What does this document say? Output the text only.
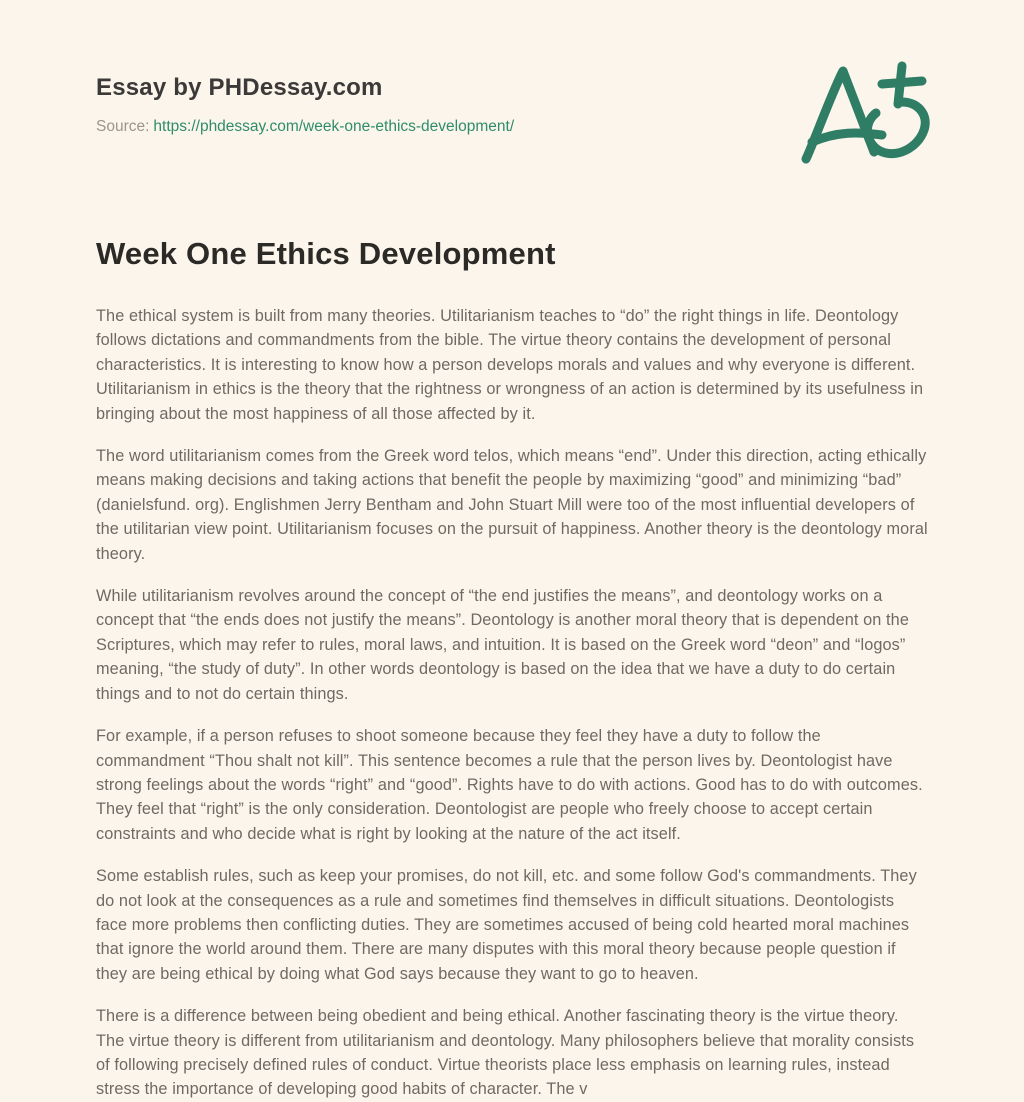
Essay by PHDessay.com
Source: https://phdessay.com/week-one-ethics-development/
Week One Ethics Development

The ethical system is built from many theories. Utilitarianism teaches to “do” the right things in life. Deontology follows dictations and commandments from the bible. The virtue theory contains the development of personal characteristics. It is interesting to know how a person develops morals and values and why everyone is different. Utilitarianism in ethics is the theory that the rightness or wrongness of an action is determined by its usefulness in bringing about the most happiness of all those affected by it.

The word utilitarianism comes from the Greek word telos, which means “end”. Under this direction, acting ethically means making decisions and taking actions that benefit the people by maximizing “good” and minimizing “bad” (danielsfund. org). Englishmen Jerry Bentham and John Stuart Mill were too of the most influential developers of the utilitarian view point. Utilitarianism focuses on the pursuit of happiness. Another theory is the deontology moral theory.

While utilitarianism revolves around the concept of “the end justifies the means”, and deontology works on a concept that “the ends does not justify the means”. Deontology is another moral theory that is dependent on the Scriptures, which may refer to rules, moral laws, and intuition. It is based on the Greek word “deon” and “logos” meaning, “the study of duty”. In other words deontology is based on the idea that we have a duty to do certain things and to not do certain things.

For example, if a person refuses to shoot someone because they feel they have a duty to follow the commandment “Thou shalt not kill”. This sentence becomes a rule that the person lives by. Deontologist have strong feelings about the words “right” and “good”. Rights have to do with actions. Good has to do with outcomes. They feel that “right” is the only consideration. Deontologist are people who freely choose to accept certain constraints and who decide what is right by looking at the nature of the act itself.

Some establish rules, such as keep your promises, do not kill, etc. and some follow God's commandments. They do not look at the consequences as a rule and sometimes find themselves in difficult situations. Deontologists face more problems then conflicting duties. They are sometimes accused of being cold hearted moral machines that ignore the world around them. There are many disputes with this moral theory because people question if they are being ethical by doing what God says because they want to go to heaven.

There is a difference between being obedient and being ethical. Another fascinating theory is the virtue theory. The virtue theory is different from utilitarianism and deontology. Many philosophers believe that morality consists of following precisely defined rules of conduct. Virtue theorists place less emphasis on learning rules, instead stress the importance of developing good habits of character. The v
